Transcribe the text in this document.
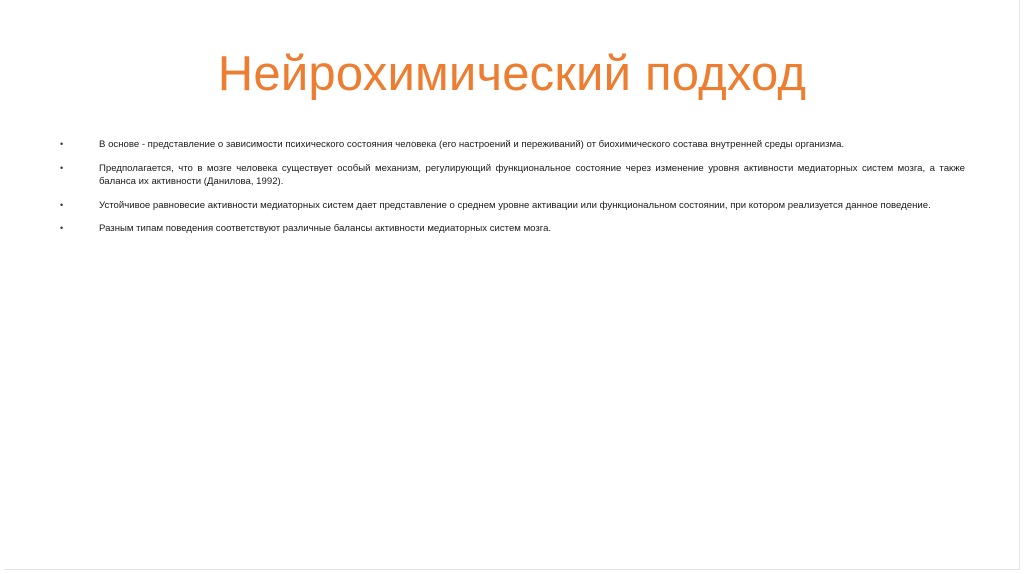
Нейрохимический подход
•	В основе - представление о зависимости психического состояния человека (его настроений и переживаний) от биохимического состава внутренней среды организма.
•	Предполагается, что в мозге человека существует особый механизм, регулирующий функциональное состояние через изменение уровня активности медиаторных систем мозга, а также баланса их активности (Данилова, 1992).
•	Устойчивое равновесие активности медиаторных систем дает представление о среднем уровне активации или функциональном состоянии, при котором реализуется данное поведение.
•	Разным типам поведения соответствуют различные балансы активности медиаторных систем мозга.
